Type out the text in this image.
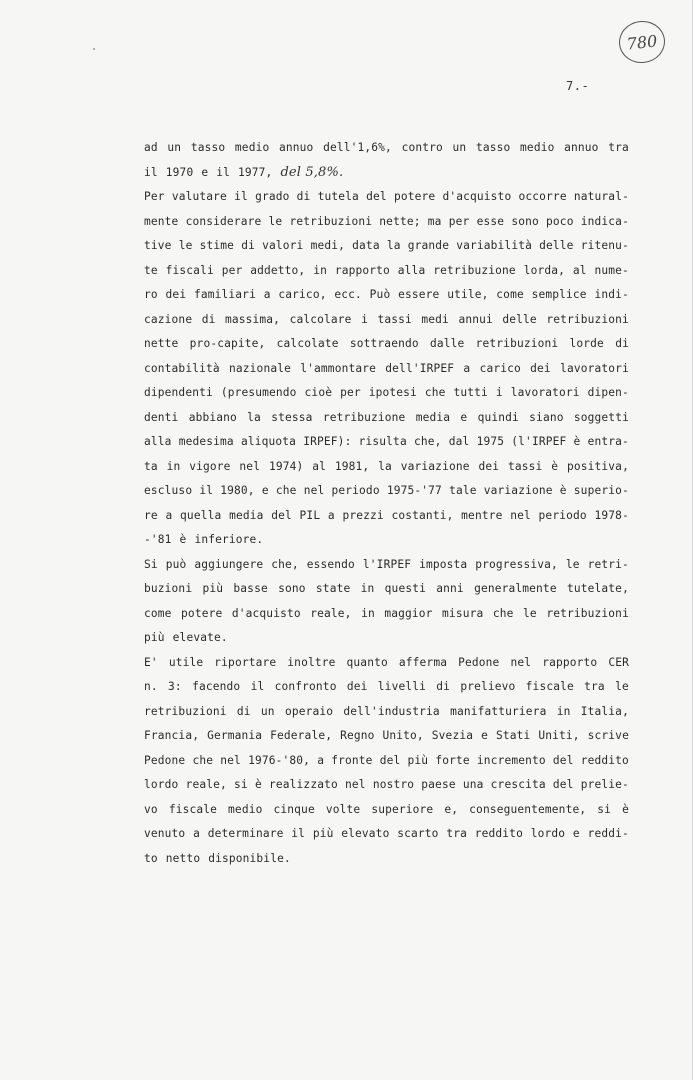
780
7.-
ad un tasso medio annuo dell'1,6%, contro un tasso medio annuo tra
il 1970 e il 1977, del 5,8%.
Per valutare il grado di tutela del potere d'acquisto occorre natural-
mente considerare le retribuzioni nette; ma per esse sono poco indica-
tive le stime di valori medi, data la grande variabilità delle ritenu-
te fiscali per addetto, in rapporto alla retribuzione lorda, al nume-
ro dei familiari a carico, ecc. Può essere utile, come semplice indi-
cazione di massima, calcolare i tassi medi annui delle retribuzioni
nette pro-capite, calcolate sottraendo dalle retribuzioni lorde di
contabilità nazionale l'ammontare dell'IRPEF a carico dei lavoratori
dipendenti (presumendo cioè per ipotesi che tutti i lavoratori dipen-
denti abbiano la stessa retribuzione media e quindi siano soggetti
alla medesima aliquota IRPEF): risulta che, dal 1975 (l'IRPEF è entra-
ta in vigore nel 1974) al 1981, la variazione dei tassi è positiva,
escluso il 1980, e che nel periodo 1975-'77 tale variazione è superio-
re a quella media del PIL a prezzi costanti, mentre nel periodo 1978-
-'81 è inferiore.
Si può aggiungere che, essendo l'IRPEF imposta progressiva, le retri-
buzioni più basse sono state in questi anni generalmente tutelate,
come potere d'acquisto reale, in maggior misura che le retribuzioni
più elevate.
E' utile riportare inoltre quanto afferma Pedone nel rapporto CER
n. 3: facendo il confronto dei livelli di prelievo fiscale tra le
retribuzioni di un operaio dell'industria manifatturiera in Italia,
Francia, Germania Federale, Regno Unito, Svezia e Stati Uniti, scrive
Pedone che nel 1976-'80, a fronte del più forte incremento del reddito
lordo reale, si è realizzato nel nostro paese una crescita del prelie-
vo fiscale medio cinque volte superiore e, conseguentemente, si è
venuto a determinare il più elevato scarto tra reddito lordo e reddi-
to netto disponibile.
